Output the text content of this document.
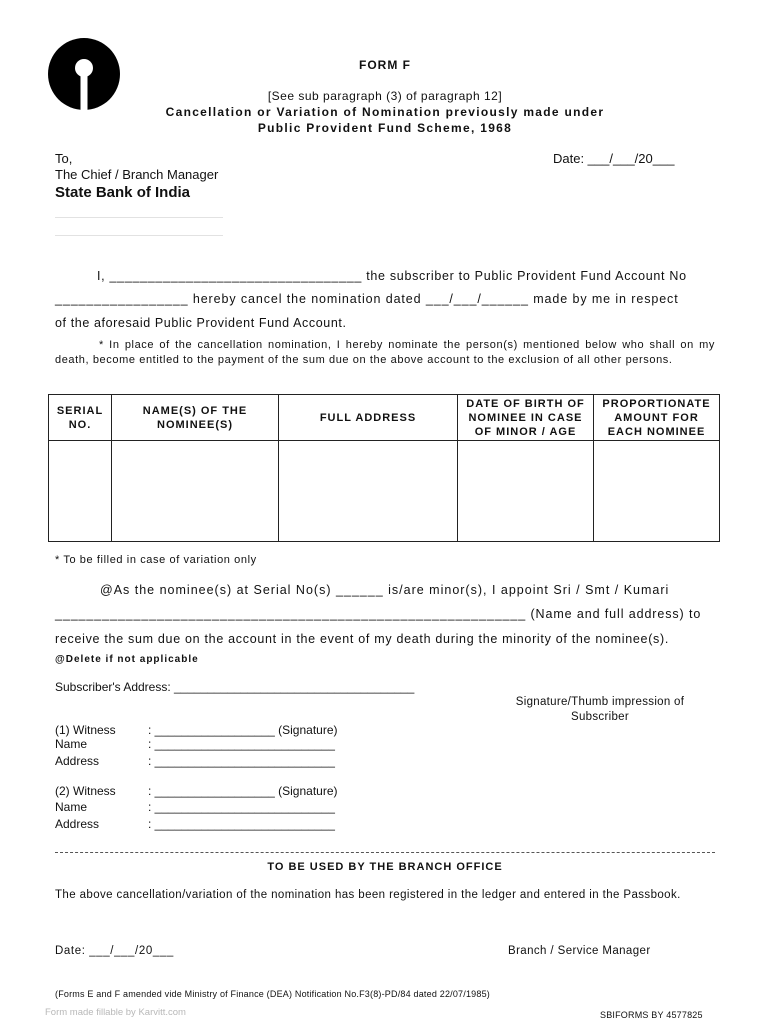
FORM F
[See sub paragraph (3) of paragraph 12]
Cancellation or Variation of Nomination previously made under
Public Provident Fund Scheme, 1968
To,	Date: ___/___/20___
The Chief / Branch Manager
State Bank of India
I, _________________________________ the subscriber to Public Provident Fund Account No
_________________ hereby cancel the nomination dated ___/___/______ made by me in respect
of the aforesaid Public Provident Fund Account.
* In place of the cancellation nomination, I hereby nominate the person(s) mentioned below who shall on my death, become entitled to the payment of the sum due on the above account to the exclusion of all other persons.
SERIAL NO.	NAME(S) OF THE NOMINEE(S)	FULL ADDRESS	DATE OF BIRTH OF NOMINEE IN CASE OF MINOR / AGE	PROPORTIONATE AMOUNT FOR EACH NOMINEE

* To be filled in case of variation only
@As the nominee(s) at Serial No(s) ______ is/are minor(s), I appoint Sri / Smt / Kumari
____________________________________________________________ (Name and full address) to
receive the sum due on the account in the event of my death during the minority of the nominee(s).
@Delete if not applicable
Subscriber's Address: ____________________________________
Signature/Thumb impression of Subscriber
(1) Witness	: __________________ (Signature)
Name	: ___________________________
Address	: ___________________________
(2) Witness	: __________________ (Signature)
Name	: ___________________________
Address	: ___________________________
TO BE USED BY THE BRANCH OFFICE
The above cancellation/variation of the nomination has been registered in the ledger and entered in the Passbook.
Date: ___/___/20___	Branch / Service Manager
(Forms E and F amended vide Ministry of Finance (DEA) Notification No.F3(8)-PD/84 dated 22/07/1985)
Form made fillable by Karvitt.com	SBIFORMS BY 4577825
